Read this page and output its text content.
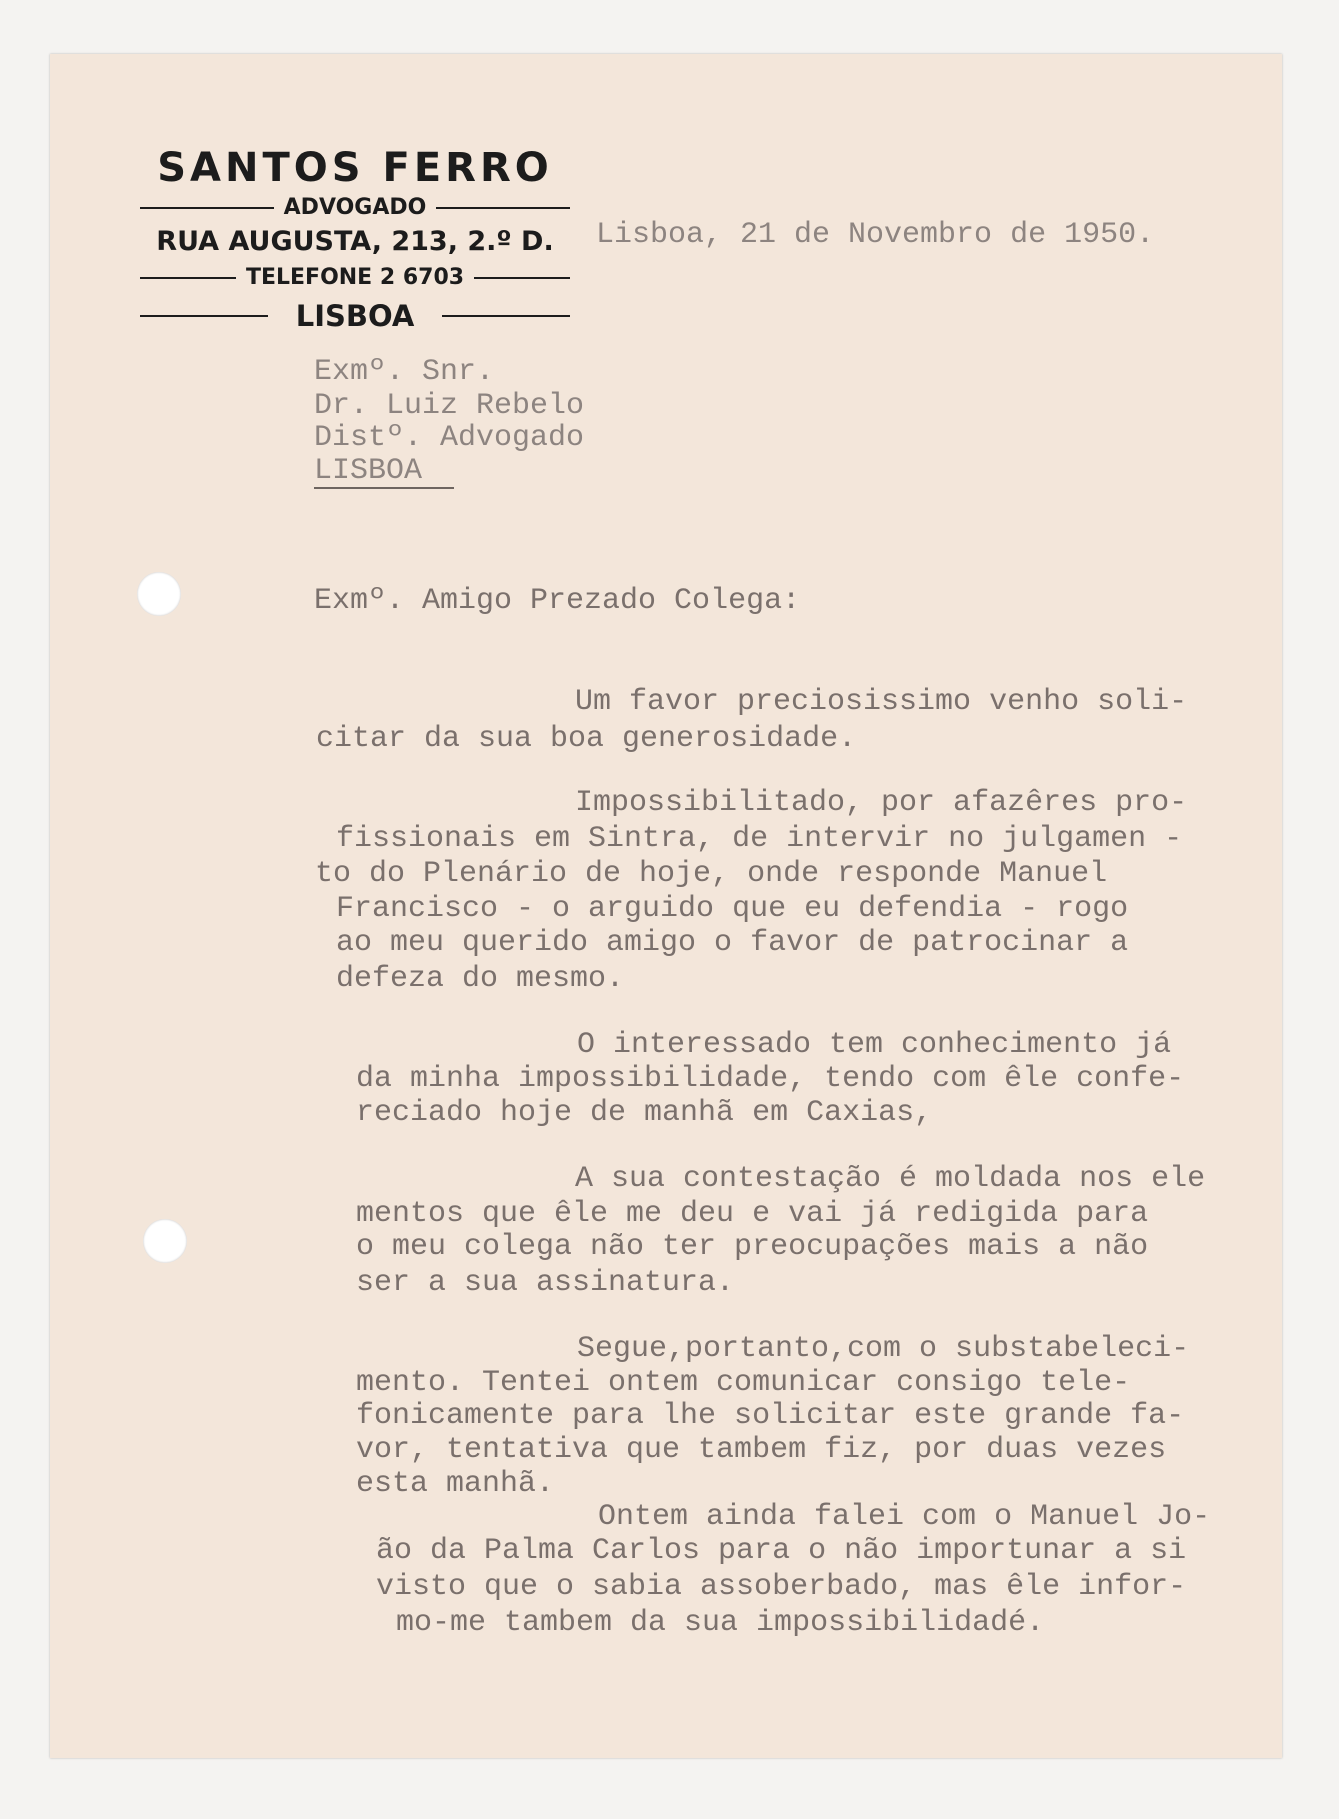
SANTOS FERRO
ADVOGADO
RUA AUGUSTA, 213, 2.º D.
TELEFONE 2 6703
LISBOA
Lisboa, 21 de Novembro de 1950.
Exmº. Snr.
Dr. Luiz Rebelo
Distº. Advogado
LISBOA

Exmº. Amigo Prezado Colega:
Um favor preciosissimo venho soli-
citar da sua boa generosidade.
Impossibilitado, por afazêres pro-
fissionais em Sintra, de intervir no julgamen -
to do Plenário de hoje, onde responde Manuel
Francisco - o arguido que eu defendia - rogo
ao meu querido amigo o favor de patrocinar a
defeza do mesmo.
O interessado tem conhecimento já
da minha impossibilidade, tendo com êle confe-
reciado hoje de manhã em Caxias,
A sua contestação é moldada nos ele
mentos que êle me deu e vai já redigida para
o meu colega não ter preocupações mais a não
ser a sua assinatura.
Segue,portanto,com o substabeleci-
mento. Tentei ontem comunicar consigo tele-
fonicamente para lhe solicitar este grande fa-
vor, tentativa que tambem fiz, por duas vezes
esta manhã.
Ontem ainda falei com o Manuel Jo-
ão da Palma Carlos para o não importunar a si
visto que o sabia assoberbado, mas êle infor-
mo-me tambem da sua impossibilidadé.
